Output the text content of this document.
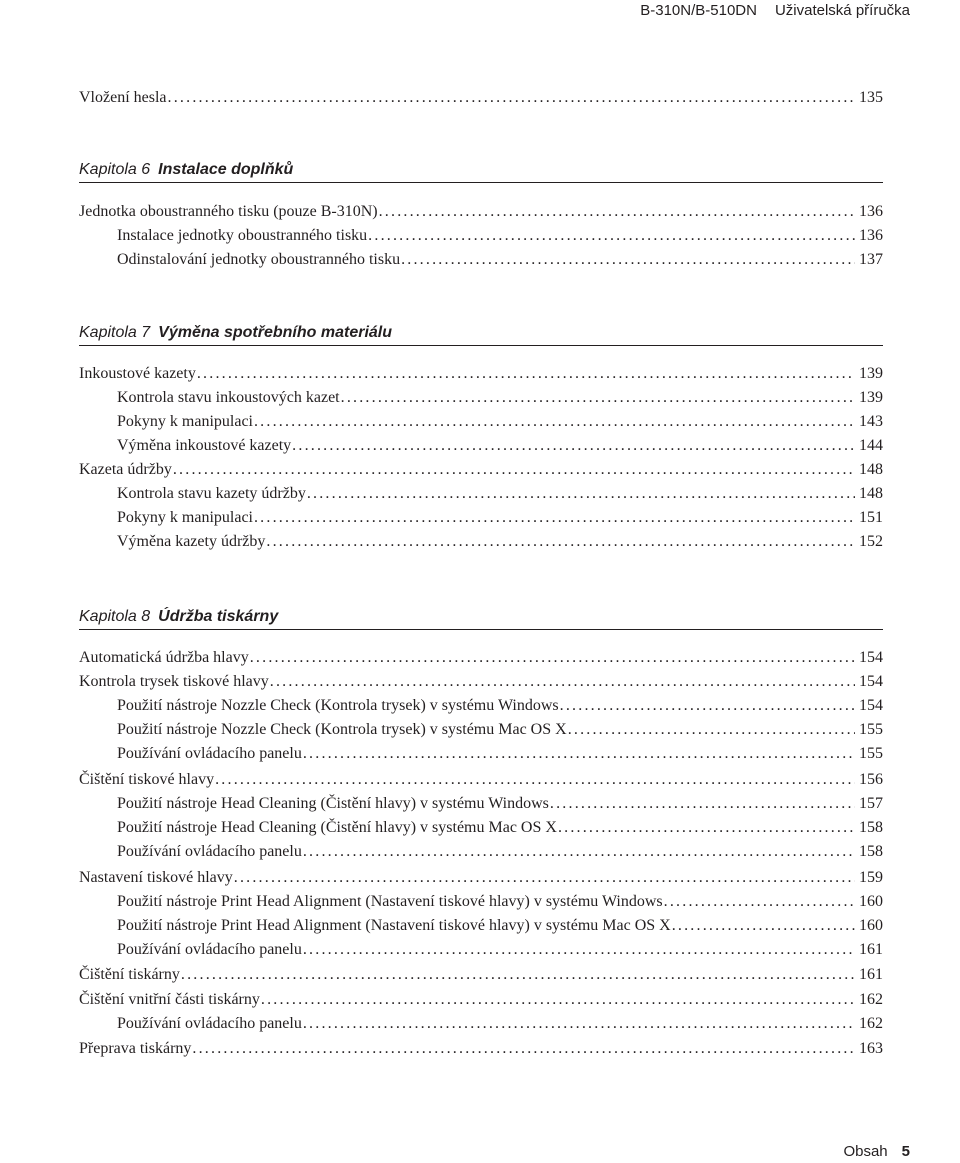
B-310N/B-510DN Uživatelská příručka
Vložení hesla .....	135
Jednotka oboustranného tisku (pouze B-310N) .....	136
Instalace jednotky oboustranného tisku .....	136
Odinstalování jednotky oboustranného tisku .....	137
Inkoustové kazety .....	139
Kontrola stavu inkoustových kazet .....	139
Pokyny k manipulaci .....	143
Výměna inkoustové kazety .....	144
Kazeta údržby .....	148
Kontrola stavu kazety údržby .....	148
Pokyny k manipulaci .....	151
Výměna kazety údržby .....	152
Automatická údržba hlavy .....	154
Kontrola trysek tiskové hlavy .....	154
Použití nástroje Nozzle Check (Kontrola trysek) v systému Windows .....	154
Použití nástroje Nozzle Check (Kontrola trysek) v systému Mac OS X .....	155
Používání ovládacího panelu .....	155
Čištění tiskové hlavy .....	156
Použití nástroje Head Cleaning (Čistění hlavy) v systému Windows .....	157
Použití nástroje Head Cleaning (Čistění hlavy) v systému Mac OS X .....	158
Používání ovládacího panelu .....	158
Nastavení tiskové hlavy .....	159
Použití nástroje Print Head Alignment (Nastavení tiskové hlavy) v systému Windows .....	160
Použití nástroje Print Head Alignment (Nastavení tiskové hlavy) v systému Mac OS X .....	160
Používání ovládacího panelu .....	161
Čištění tiskárny .....	161
Čištění vnitřní části tiskárny .....	162
Používání ovládacího panelu .....	162
Přeprava tiskárny .....	163
Kapitola 6 Instalace doplňků
Kapitola 7 Výměna spotřebního materiálu
Kapitola 8 Údržba tiskárny
Obsah 5
